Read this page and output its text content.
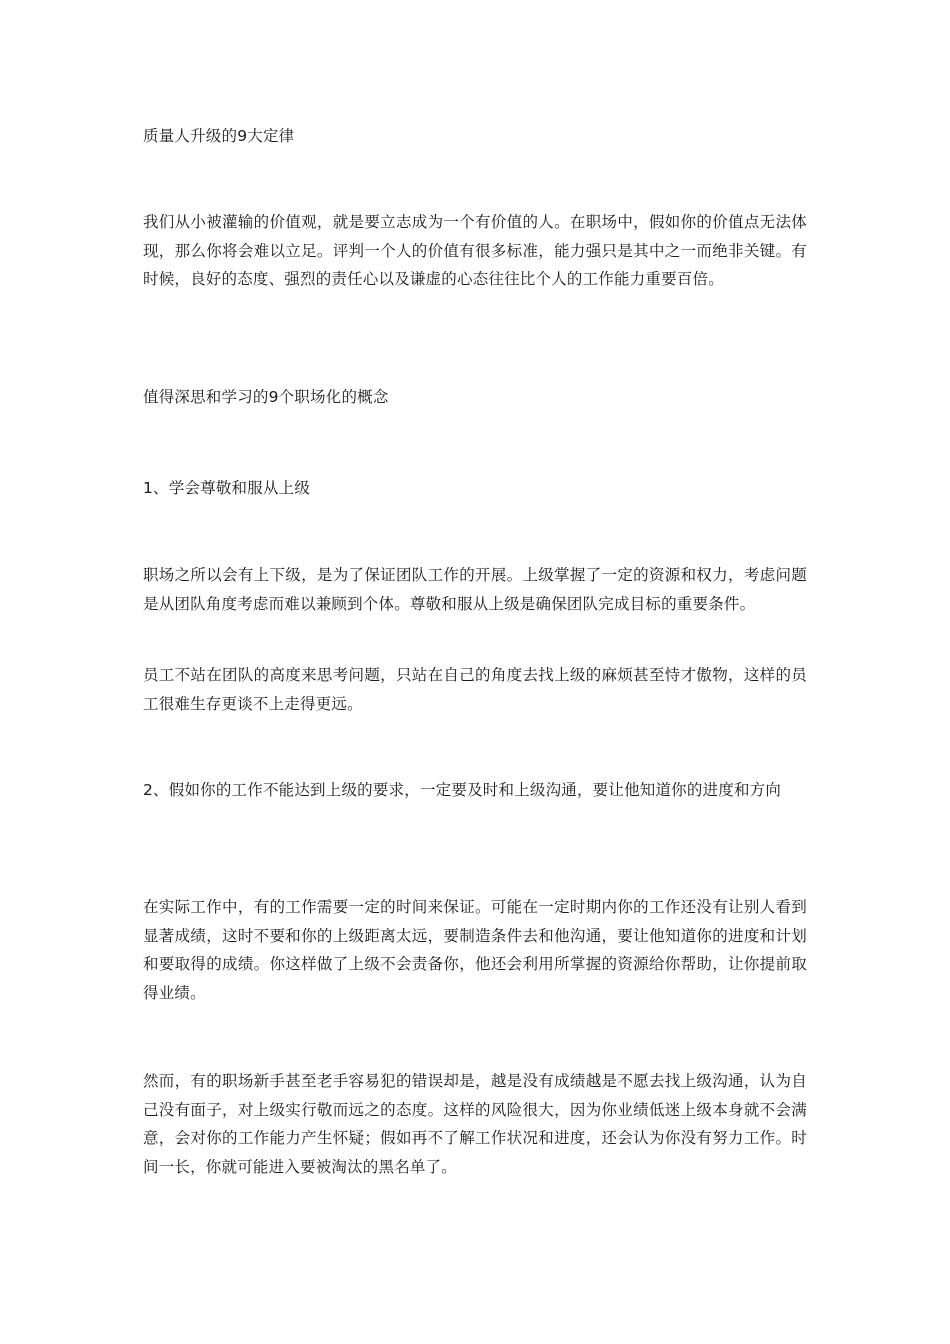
质量人升级的9大定律

我们从小被灌输的价值观，就是要立志成为一个有价值的人。在职场中，假如你的价值点无法体现，那么你将会难以立足。评判一个人的价值有很多标准，能力强只是其中之一而绝非关键。有时候，良好的态度、强烈的责任心以及谦虚的心态往往比个人的工作能力重要百倍。

值得深思和学习的9个职场化的概念

1、学会尊敬和服从上级

职场之所以会有上下级，是为了保证团队工作的开展。上级掌握了一定的资源和权力，考虑问题是从团队角度考虑而难以兼顾到个体。尊敬和服从上级是确保团队完成目标的重要条件。

员工不站在团队的高度来思考问题，只站在自己的角度去找上级的麻烦甚至恃才傲物，这样的员工很难生存更谈不上走得更远。

2、假如你的工作不能达到上级的要求，一定要及时和上级沟通，要让他知道你的进度和方向

在实际工作中，有的工作需要一定的时间来保证。可能在一定时期内你的工作还没有让别人看到显著成绩，这时不要和你的上级距离太远，要制造条件去和他沟通，要让他知道你的进度和计划和要取得的成绩。你这样做了上级不会责备你，他还会利用所掌握的资源给你帮助，让你提前取得业绩。

然而，有的职场新手甚至老手容易犯的错误却是，越是没有成绩越是不愿去找上级沟通，认为自己没有面子，对上级实行敬而远之的态度。这样的风险很大，因为你业绩低迷上级本身就不会满意，会对你的工作能力产生怀疑；假如再不了解工作状况和进度，还会认为你没有努力工作。时间一长，你就可能进入要被淘汰的黑名单了。
